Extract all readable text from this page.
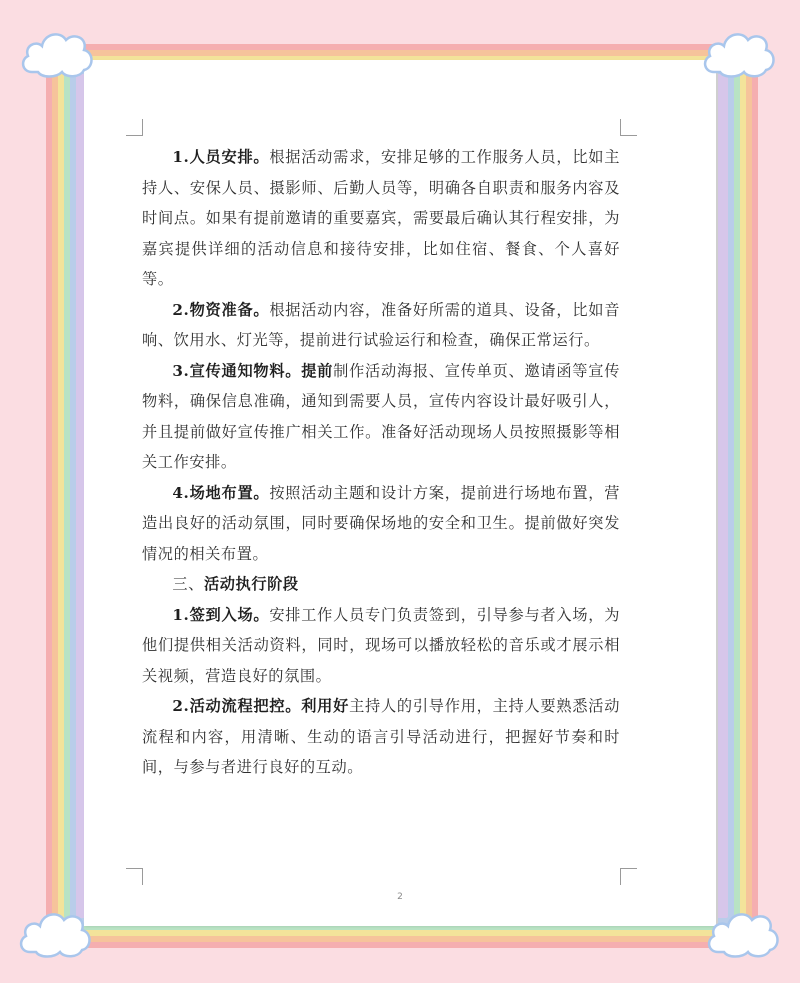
1.人员安排。根据活动需求，安排足够的工作服务人员，比如主持人、安保人员、摄影师、后勤人员等，明确各自职责和服务内容及时间点。如果有提前邀请的重要嘉宾，需要最后确认其行程安排，为嘉宾提供详细的活动信息和接待安排，比如住宿、餐食、个人喜好等。

2.物资准备。根据活动内容，准备好所需的道具、设备，比如音响、饮用水、灯光等，提前进行试验运行和检查，确保正常运行。

3.宣传通知物料。提前制作活动海报、宣传单页、邀请函等宣传物料，确保信息准确，通知到需要人员，宣传内容设计最好吸引人，并且提前做好宣传推广相关工作。准备好活动现场人员按照摄影等相关工作安排。

4.场地布置。按照活动主题和设计方案，提前进行场地布置，营造出良好的活动氛围，同时要确保场地的安全和卫生。提前做好突发情况的相关布置。

三、活动执行阶段

1.签到入场。安排工作人员专门负责签到，引导参与者入场，为他们提供相关活动资料，同时，现场可以播放轻松的音乐或才展示相关视频，营造良好的氛围。

2.活动流程把控。利用好主持人的引导作用，主持人要熟悉活动流程和内容，用清晰、生动的语言引导活动进行，把握好节奏和时间，与参与者进行良好的互动。

2
